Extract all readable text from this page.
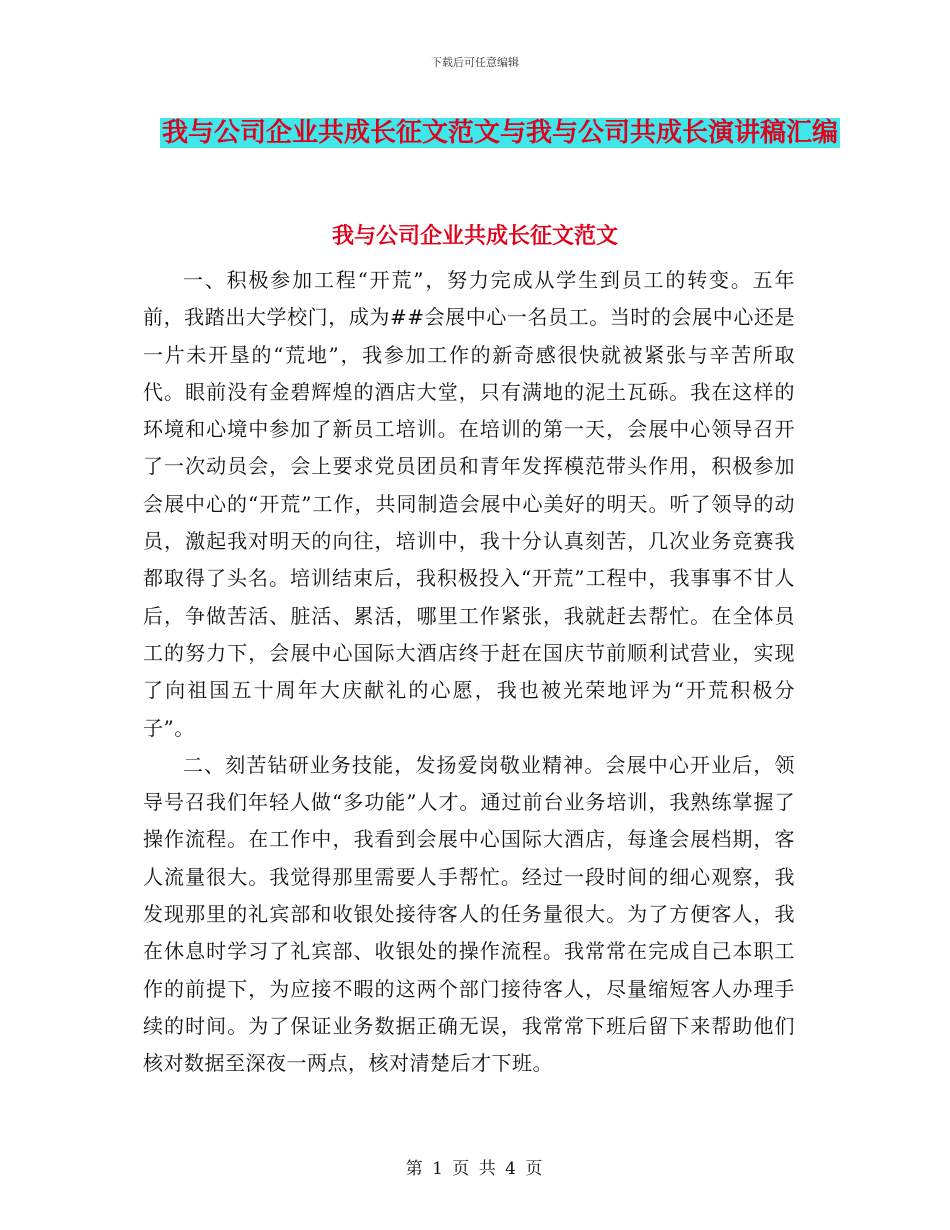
下载后可任意编辑
我与公司企业共成长征文范文与我与公司共成长演讲稿汇编
我与公司企业共成长征文范文

一、积极参加工程“开荒”，努力完成从学生到员工的转变。五年前，我踏出大学校门，成为##会展中心一名员工。当时的会展中心还是一片未开垦的“荒地”，我参加工作的新奇感很快就被紧张与辛苦所取代。眼前没有金碧辉煌的酒店大堂，只有满地的泥土瓦砾。我在这样的环境和心境中参加了新员工培训。在培训的第一天，会展中心领导召开了一次动员会，会上要求党员团员和青年发挥模范带头作用，积极参加会展中心的“开荒”工作，共同制造会展中心美好的明天。听了领导的动员，激起我对明天的向往，培训中，我十分认真刻苦，几次业务竞赛我都取得了头名。培训结束后，我积极投入“开荒”工程中，我事事不甘人后，争做苦活、脏活、累活，哪里工作紧张，我就赶去帮忙。在全体员工的努力下，会展中心国际大酒店终于赶在国庆节前顺利试营业，实现了向祖国五十周年大庆献礼的心愿，我也被光荣地评为“开荒积极分子”。

二、刻苦钻研业务技能，发扬爱岗敬业精神。会展中心开业后，领导号召我们年轻人做“多功能”人才。通过前台业务培训，我熟练掌握了操作流程。在工作中，我看到会展中心国际大酒店，每逢会展档期，客人流量很大。我觉得那里需要人手帮忙。经过一段时间的细心观察，我发现那里的礼宾部和收银处接待客人的任务量很大。为了方便客人，我在休息时学习了礼宾部、收银处的操作流程。我常常在完成自己本职工作的前提下，为应接不暇的这两个部门接待客人，尽量缩短客人办理手续的时间。为了保证业务数据正确无误，我常常下班后留下来帮助他们核对数据至深夜一两点，核对清楚后才下班。

第 1 页 共 4 页
